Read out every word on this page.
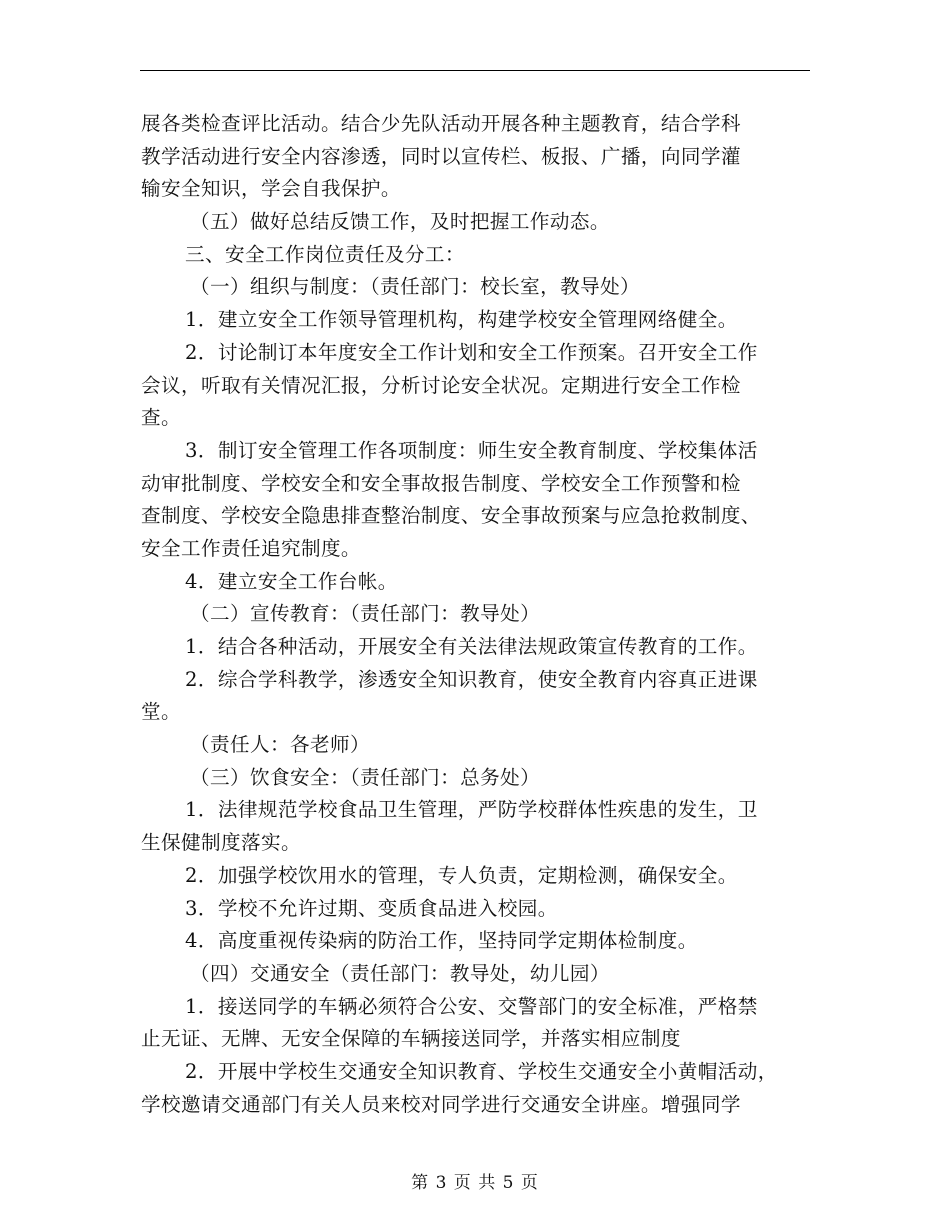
展各类检查评比活动。结合少先队活动开展各种主题教育，结合学科
教学活动进行安全内容渗透，同时以宣传栏、板报、广播，向同学灌
输安全知识，学会自我保护。
（五）做好总结反馈工作，及时把握工作动态。
三、安全工作岗位责任及分工：
（一）组织与制度：（责任部门：校长室，教导处）
1．建立安全工作领导管理机构，构建学校安全管理网络健全。
2．讨论制订本年度安全工作计划和安全工作预案。召开安全工作
会议，听取有关情况汇报，分析讨论安全状况。定期进行安全工作检
查。
3．制订安全管理工作各项制度：师生安全教育制度、学校集体活
动审批制度、学校安全和安全事故报告制度、学校安全工作预警和检
查制度、学校安全隐患排查整治制度、安全事故预案与应急抢救制度、
安全工作责任追究制度。
4．建立安全工作台帐。
（二）宣传教育：（责任部门：教导处）
1．结合各种活动，开展安全有关法律法规政策宣传教育的工作。
2．综合学科教学，渗透安全知识教育，使安全教育内容真正进课
堂。
（责任人：各老师）
（三）饮食安全：（责任部门：总务处）
1．法律规范学校食品卫生管理，严防学校群体性疾患的发生，卫
生保健制度落实。
2．加强学校饮用水的管理，专人负责，定期检测，确保安全。
3．学校不允许过期、变质食品进入校园。
4．高度重视传染病的防治工作，坚持同学定期体检制度。
（四）交通安全（责任部门：教导处，幼儿园）
1．接送同学的车辆必须符合公安、交警部门的安全标准，严格禁
止无证、无牌、无安全保障的车辆接送同学，并落实相应制度
2．开展中学校生交通安全知识教育、学校生交通安全小黄帽活动，
学校邀请交通部门有关人员来校对同学进行交通安全讲座。增强同学
第 3 页 共 5 页
